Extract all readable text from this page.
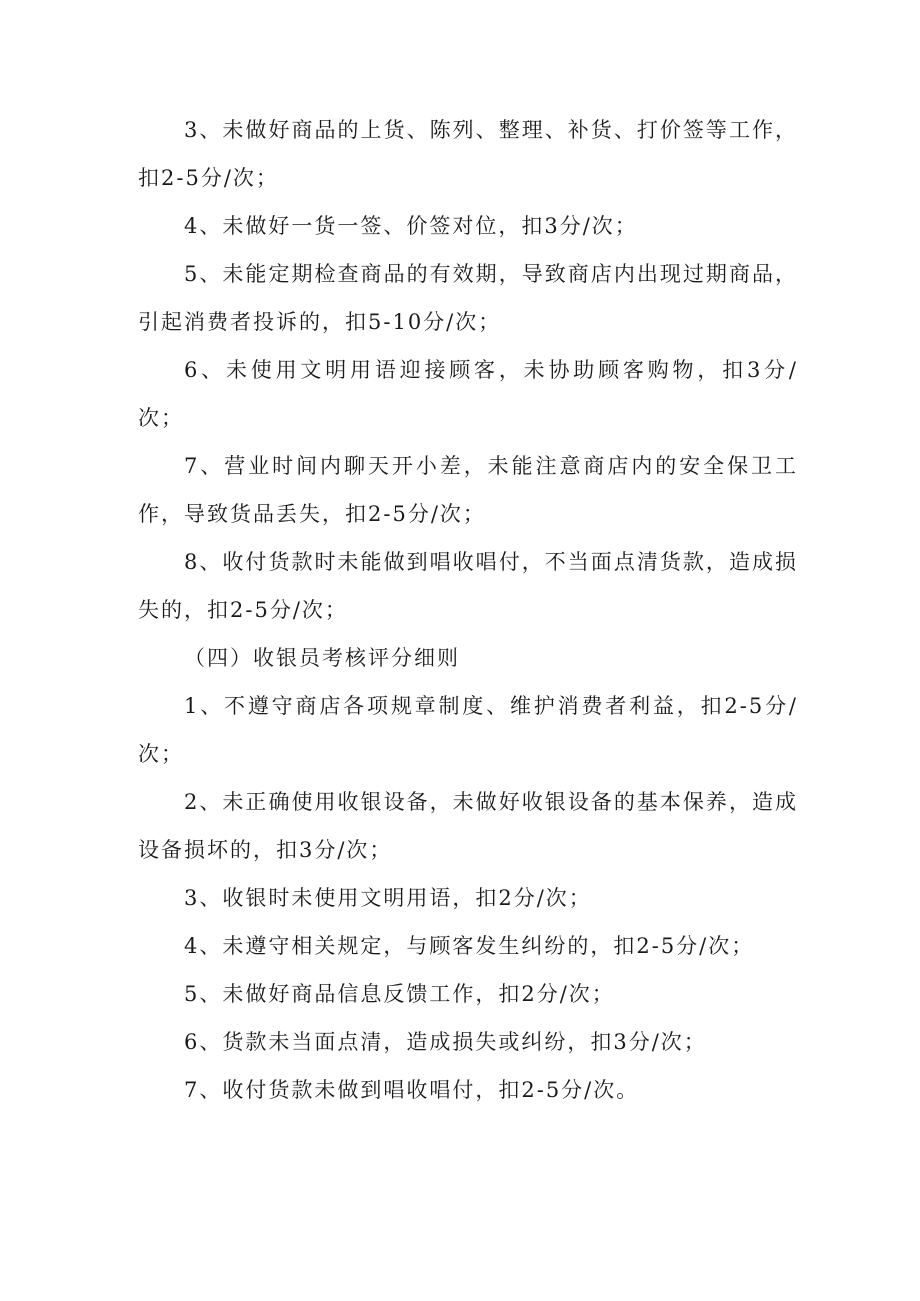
3、未做好商品的上货、陈列、整理、补货、打价签等工作，扣2-5分/次；

4、未做好一货一签、价签对位，扣3分/次；

5、未能定期检查商品的有效期，导致商店内出现过期商品，引起消费者投诉的，扣5-10分/次；

6、未使用文明用语迎接顾客，未协助顾客购物，扣3分/次；

7、营业时间内聊天开小差，未能注意商店内的安全保卫工作，导致货品丢失，扣2-5分/次；

8、收付货款时未能做到唱收唱付，不当面点清货款，造成损失的，扣2-5分/次；

（四）收银员考核评分细则

1、不遵守商店各项规章制度、维护消费者利益，扣2-5分/次；

2、未正确使用收银设备，未做好收银设备的基本保养，造成设备损坏的，扣3分/次；

3、收银时未使用文明用语，扣2分/次；

4、未遵守相关规定，与顾客发生纠纷的，扣2-5分/次；

5、未做好商品信息反馈工作，扣2分/次；

6、货款未当面点清，造成损失或纠纷，扣3分/次；

7、收付货款未做到唱收唱付，扣2-5分/次。
